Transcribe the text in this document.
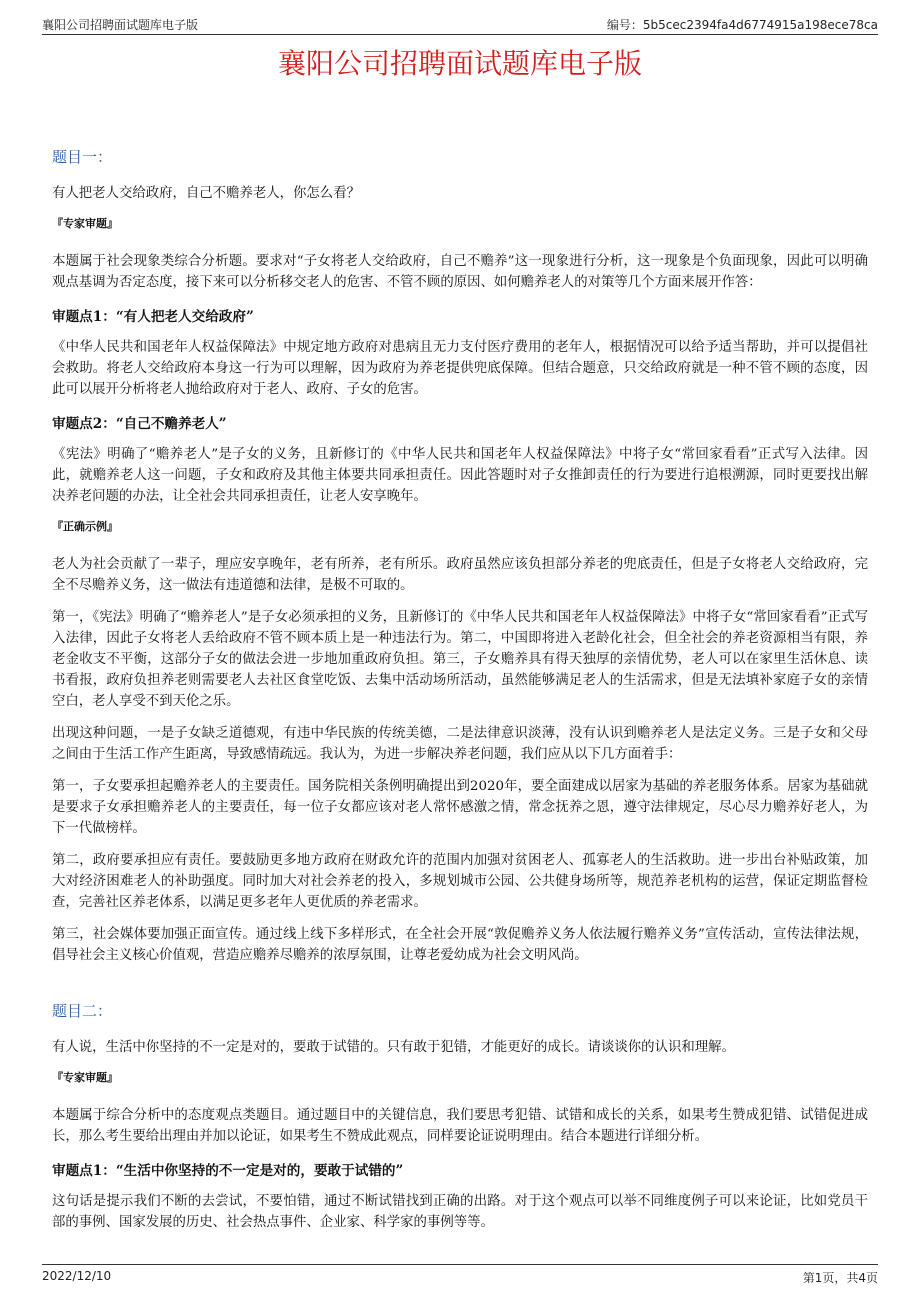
襄阳公司招聘面试题库电子版	编号：5b5cec2394fa4d6774915a198ece78ca
襄阳公司招聘面试题库电子版
题目一：

有人把老人交给政府，自己不赡养老人，你怎么看？

『专家审题』

本题属于社会现象类综合分析题。要求对“子女将老人交给政府，自己不赡养”这一现象进行分析，这一现象是个负面现象，因此可以明确观点基调为否定态度，接下来可以分析移交老人的危害、不管不顾的原因、如何赡养老人的对策等几个方面来展开作答：

审题点1：“有人把老人交给政府”

《中华人民共和国老年人权益保障法》中规定地方政府对患病且无力支付医疗费用的老年人，根据情况可以给予适当帮助，并可以提倡社会救助。将老人交给政府本身这一行为可以理解，因为政府为养老提供兜底保障。但结合题意，只交给政府就是一种不管不顾的态度，因此可以展开分析将老人抛给政府对于老人、政府、子女的危害。

审题点2：“自己不赡养老人”

《宪法》明确了“赡养老人”是子女的义务，且新修订的《中华人民共和国老年人权益保障法》中将子女“常回家看看”正式写入法律。因此，就赡养老人这一问题，子女和政府及其他主体要共同承担责任。因此答题时对子女推卸责任的行为要进行追根溯源，同时更要找出解决养老问题的办法，让全社会共同承担责任，让老人安享晚年。

『正确示例』

老人为社会贡献了一辈子，理应安享晚年，老有所养，老有所乐。政府虽然应该负担部分养老的兜底责任，但是子女将老人交给政府，完全不尽赡养义务，这一做法有违道德和法律，是极不可取的。

第一，《宪法》明确了“赡养老人”是子女必须承担的义务，且新修订的《中华人民共和国老年人权益保障法》中将子女“常回家看看”正式写入法律，因此子女将老人丢给政府不管不顾本质上是一种违法行为。第二，中国即将进入老龄化社会，但全社会的养老资源相当有限，养老金收支不平衡，这部分子女的做法会进一步地加重政府负担。第三，子女赡养具有得天独厚的亲情优势，老人可以在家里生活休息、读书看报，政府负担养老则需要老人去社区食堂吃饭、去集中活动场所活动，虽然能够满足老人的生活需求，但是无法填补家庭子女的亲情空白，老人享受不到天伦之乐。

出现这种问题，一是子女缺乏道德观，有违中华民族的传统美德，二是法律意识淡薄，没有认识到赡养老人是法定义务。三是子女和父母之间由于生活工作产生距离，导致感情疏远。我认为，为进一步解决养老问题，我们应从以下几方面着手：

第一，子女要承担起赡养老人的主要责任。国务院相关条例明确提出到2020年，要全面建成以居家为基础的养老服务体系。居家为基础就是要求子女承担赡养老人的主要责任，每一位子女都应该对老人常怀感激之情，常念抚养之恩，遵守法律规定，尽心尽力赡养好老人，为下一代做榜样。

第二，政府要承担应有责任。要鼓励更多地方政府在财政允许的范围内加强对贫困老人、孤寡老人的生活救助。进一步出台补贴政策，加大对经济困难老人的补助强度。同时加大对社会养老的投入，多规划城市公园、公共健身场所等，规范养老机构的运营，保证定期监督检查，完善社区养老体系，以满足更多老年人更优质的养老需求。

第三，社会媒体要加强正面宣传。通过线上线下多样形式，在全社会开展“敦促赡养义务人依法履行赡养义务”宣传活动，宣传法律法规，倡导社会主义核心价值观，营造应赡养尽赡养的浓厚氛围，让尊老爱幼成为社会文明风尚。

题目二：

有人说，生活中你坚持的不一定是对的，要敢于试错的。只有敢于犯错，才能更好的成长。请谈谈你的认识和理解。

『专家审题』

本题属于综合分析中的态度观点类题目。通过题目中的关键信息，我们要思考犯错、试错和成长的关系，如果考生赞成犯错、试错促进成长，那么考生要给出理由并加以论证，如果考生不赞成此观点，同样要论证说明理由。结合本题进行详细分析。

审题点1：“生活中你坚持的不一定是对的，要敢于试错的”

这句话是提示我们不断的去尝试，不要怕错，通过不断试错找到正确的出路。对于这个观点可以举不同维度例子可以来论证，比如党员干部的事例、国家发展的历史、社会热点事件、企业家、科学家的事例等等。

2022/12/10	第1页，共4页
